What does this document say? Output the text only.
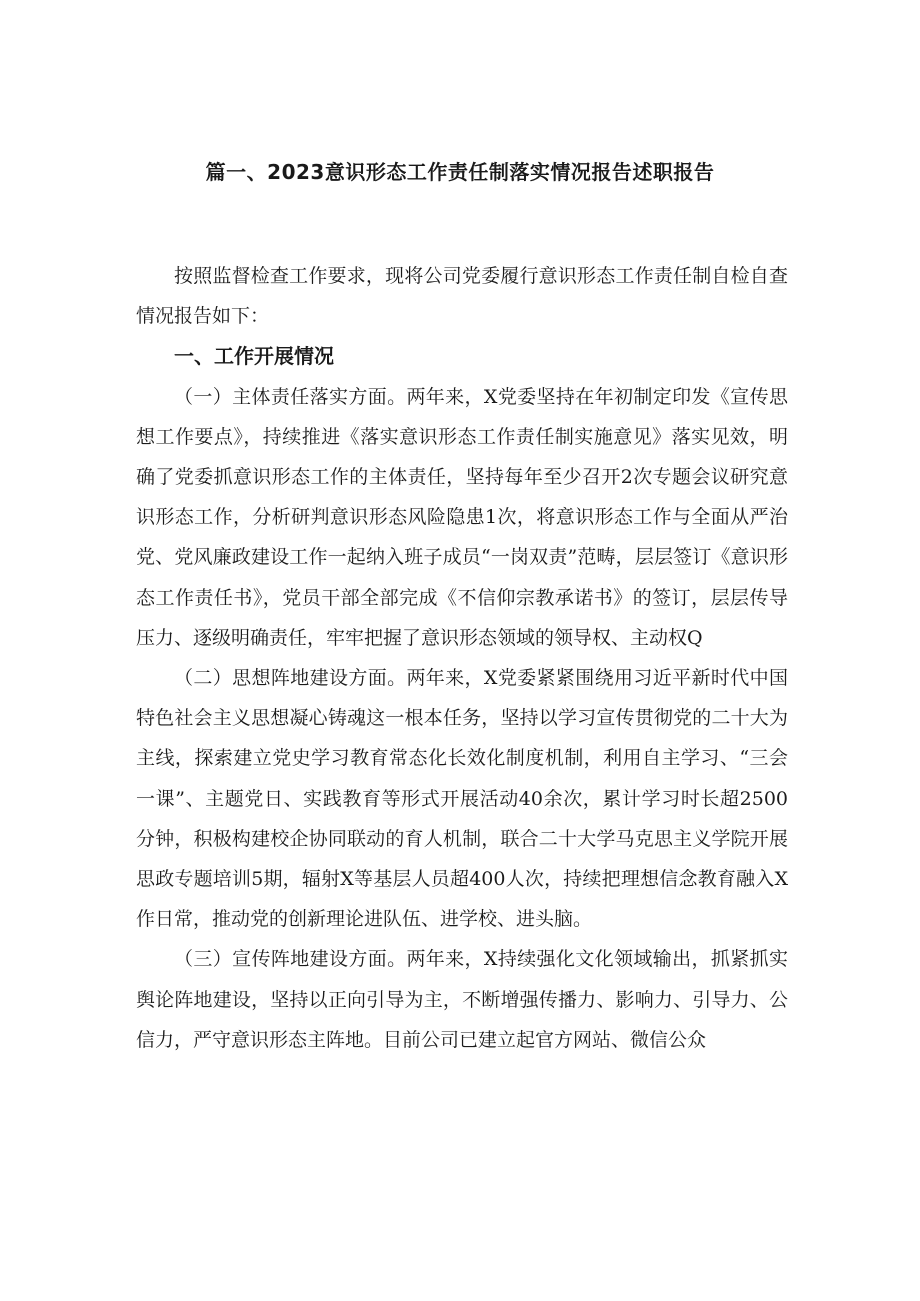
篇一、2023意识形态工作责任制落实情况报告述职报告

按照监督检查工作要求，现将公司党委履行意识形态工作责任制自检自查情况报告如下：

一、工作开展情况

（一）主体责任落实方面。两年来，X党委坚持在年初制定印发《宣传思想工作要点》，持续推进《落实意识形态工作责任制实施意见》落实见效，明确了党委抓意识形态工作的主体责任，坚持每年至少召开2次专题会议研究意识形态工作，分析研判意识形态风险隐患1次，将意识形态工作与全面从严治党、党风廉政建设工作一起纳入班子成员“一岗双责”范畴，层层签订《意识形态工作责任书》，党员干部全部完成《不信仰宗教承诺书》的签订，层层传导压力、逐级明确责任，牢牢把握了意识形态领域的领导权、主动权Q

（二）思想阵地建设方面。两年来，X党委紧紧围绕用习近平新时代中国特色社会主义思想凝心铸魂这一根本任务，坚持以学习宣传贯彻党的二十大为主线，探索建立党史学习教育常态化长效化制度机制，利用自主学习、“三会一课”、主题党日、实践教育等形式开展活动40余次，累计学习时长超2500分钟，积极构建校企协同联动的育人机制，联合二十大学马克思主义学院开展思政专题培训5期，辐射X等基层人员超400人次，持续把理想信念教育融入X作日常，推动党的创新理论进队伍、进学校、进头脑。

（三）宣传阵地建设方面。两年来，X持续强化文化领域输出，抓紧抓实舆论阵地建设，坚持以正向引导为主，不断增强传播力、影响力、引导力、公信力，严守意识形态主阵地。目前公司已建立起官方网站、微信公众
